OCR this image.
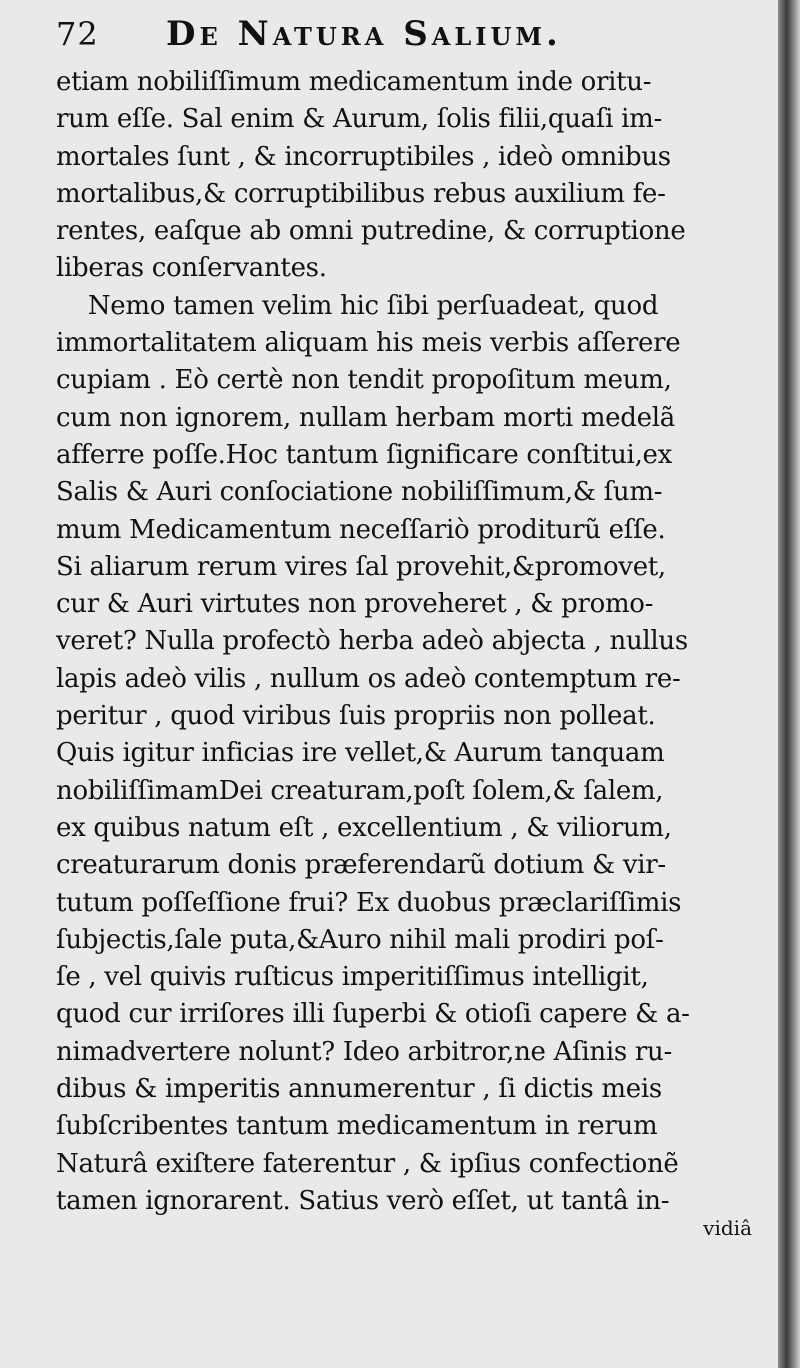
72	De Natura Salium.
etiam nobiliſſimum medicamentum inde oritu-
rum eſſe. Sal enim & Aurum, ſolis filii,quaſi im-
mortales ſunt , & incorruptibiles , ideò omnibus
mortalibus,& corruptibilibus rebus auxilium fe-
rentes, eaſque ab omni putredine, & corruptione
liberas conſervantes.
Nemo tamen velim hic ſibi perſuadeat, quod
immortalitatem aliquam his meis verbis aſſerere
cupiam . Eò certè non tendit propoſitum meum,
cum non ignorem, nullam herbam morti medelã
afferre poſſe.Hoc tantum ſignificare conſtitui,ex
Salis & Auri conſociatione nobiliſſimum,& ſum-
mum Medicamentum neceſſariò proditurũ eſſe.
Si aliarum rerum vires ſal provehit,&promovet,
cur & Auri virtutes non proveheret , & promo-
veret? Nulla profectò herba adeò abjecta , nullus
lapis adeò vilis , nullum os adeò contemptum re-
peritur , quod viribus ſuis propriis non polleat.
Quis igitur inficias ire vellet,& Aurum tanquam
nobiliſſimamDei creaturam,poſt ſolem,& ſalem,
ex quibus natum eſt , excellentium , & viliorum,
creaturarum donis præferendarũ dotium & vir-
tutum poſſeſſione frui? Ex duobus præclariſſimis
ſubjectis,ſale puta,&Auro nihil mali prodiri poſ-
ſe , vel quivis ruſticus imperitiſſimus intelligit,
quod cur irriſores illi ſuperbi & otioſi capere & a-
nimadvertere nolunt? Ideo arbitror,ne Aſinis ru-
dibus & imperitis annumerentur , ſi dictis meis
ſubſcribentes tantum medicamentum in rerum
Naturâ exiſtere faterentur , & ipſius confectionẽ
tamen ignorarent. Satius verò eſſet, ut tantâ in-
vidiâ
